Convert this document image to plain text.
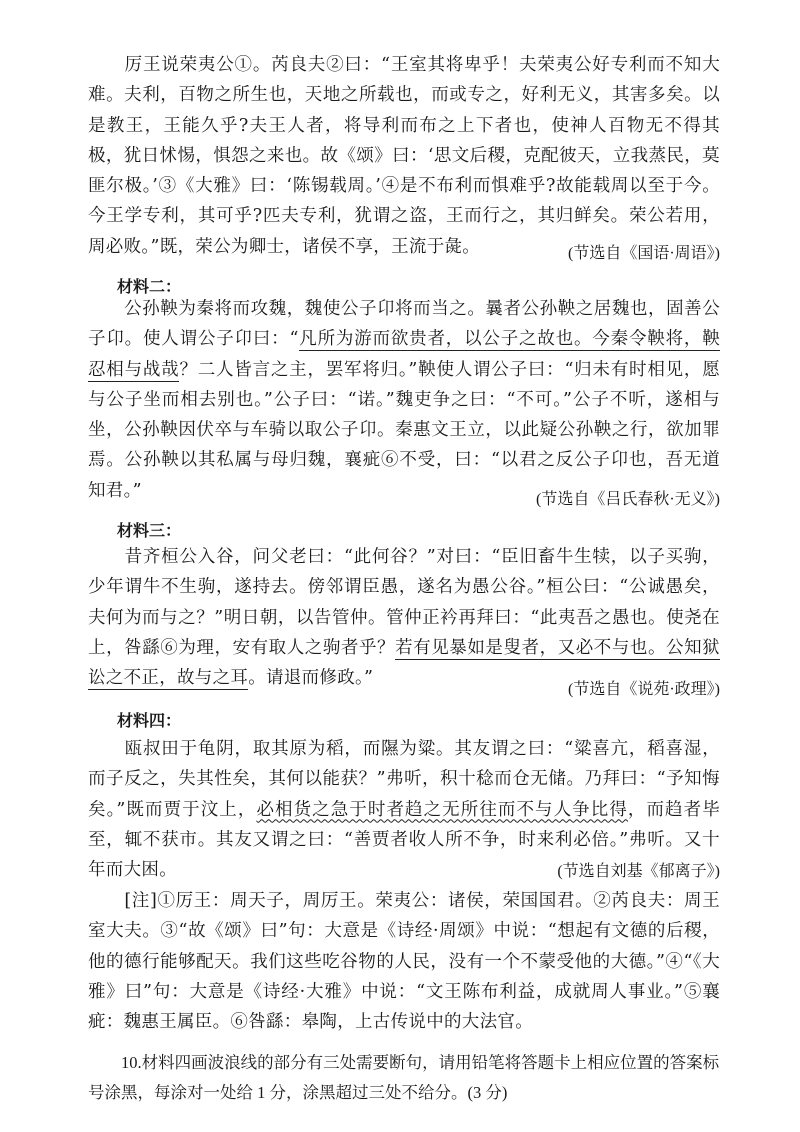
　　厉王说荣夷公①。芮良夫②曰：“王室其将卑乎！夫荣夷公好专利而不知大难。夫利，百物之所生也，天地之所载也，而或专之，好利无义，其害多矣。以是教王，王能久乎?夫王人者，将导利而布之上下者也，使神人百物无不得其极，犹日怵惕，惧怨之来也。故《颂》曰：‘思文后稷，克配彼天，立我蒸民，莫匪尔极。’③《大雅》曰：‘陈锡载周。’④是不布利而惧难乎?故能载周以至于今。今王学专利，其可乎?匹夫专利，犹谓之盗，王而行之，其归鲜矣。荣公若用，周必败。”既，荣公为卿士，诸侯不享，王流于彘。	(节选自《国语·周语》)

材料二：

　　公孙鞅为秦将而攻魏，魏使公子卬将而当之。曩者公孙鞅之居魏也，固善公子卬。使人谓公子卬曰：“凡所为游而欲贵者，以公子之故也。今秦令鞅将，鞅忍相与战哉？二人皆言之主，罢军将归。”鞅使人谓公子曰：“归未有时相见，愿与公子坐而相去别也。”公子曰：“诺。”魏吏争之曰：“不可。”公子不听，遂相与坐，公孙鞅因伏卒与车骑以取公子卬。秦惠文王立，以此疑公孙鞅之行，欲加罪焉。公孙鞅以其私属与母归魏，襄疵⑥不受，曰：“以君之反公子卬也，吾无道知君。”	(节选自《吕氏春秋·无义》)

材料三：

　　昔齐桓公入谷，问父老曰：“此何谷？”对曰：“臣旧畜牛生犊，以子买驹，少年谓牛不生驹，遂持去。傍邻谓臣愚，遂名为愚公谷。”桓公曰：“公诚愚矣，夫何为而与之？”明日朝，以告管仲。管仲正衿再拜曰：“此夷吾之愚也。使尧在上，咎繇⑥为理，安有取人之驹者乎？若有见暴如是叟者，又必不与也。公知狱讼之不正，故与之耳。请退而修政。”

(节选自《说苑·政理》)

材料四：

　　瓯叔田于龟阴，取其原为稻，而隰为粱。其友谓之曰：“粱喜亢，稻喜湿，而子反之，失其性矣，其何以能获？”弗听，积十稔而仓无储。乃拜曰：“予知悔矣。”既而贾于汶上，必相货之急于时者趋之无所往而不与人争比得，而趋者毕至，辄不获市。其友又谓之曰：“善贾者收人所不争，时来利必倍。”弗听。又十年而大困。	(节选自刘基《郁离子》)

　　[注]①厉王：周天子，周厉王。荣夷公：诸侯，荣国国君。②芮良夫：周王室大夫。③“故《颂》曰”句：大意是《诗经·周颂》中说：“想起有文德的后稷，他的德行能够配天。我们这些吃谷物的人民，没有一个不蒙受他的大德。”④“《大雅》曰”句：大意是《诗经·大雅》中说：“文王陈布利益，成就周人事业。”⑤襄疵：魏惠王属臣。⑥咎繇：皋陶，上古传说中的大法官。

　　10.材料四画波浪线的部分有三处需要断句，请用铅笔将答题卡上相应位置的答案标号涂黑，每涂对一处给 1 分，涂黑超过三处不给分。(3 分)
